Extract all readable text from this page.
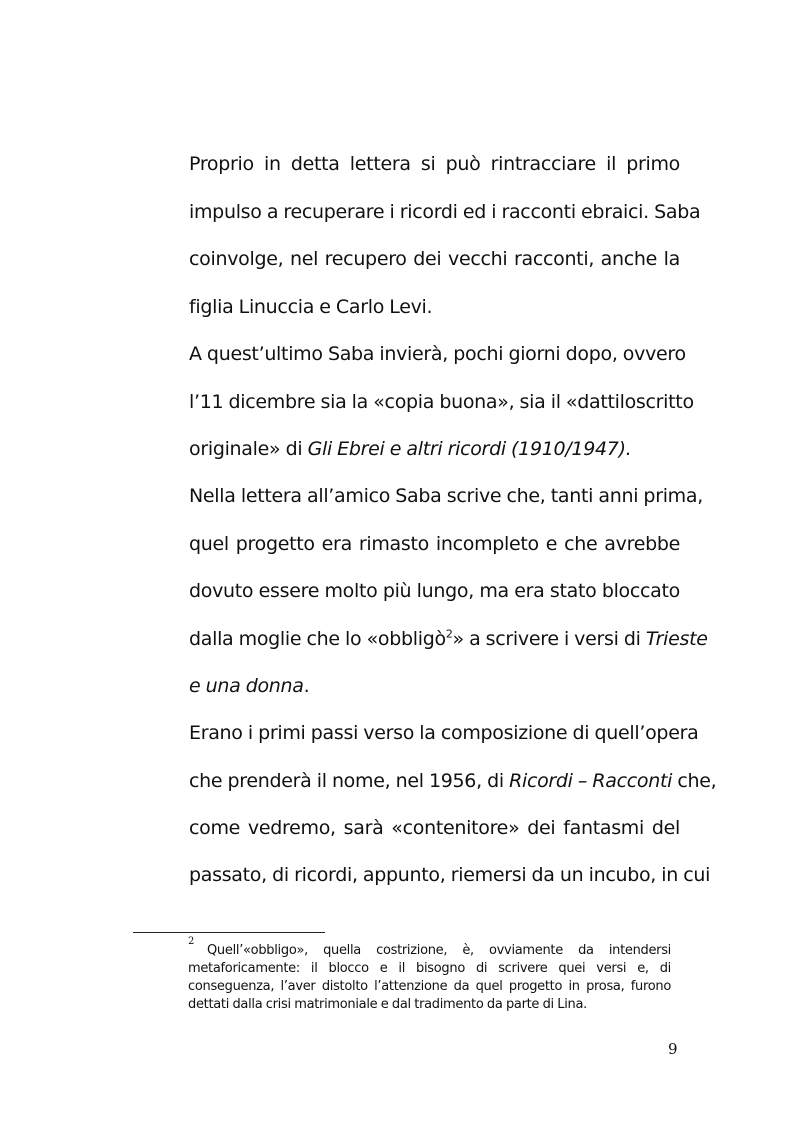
Proprio in detta lettera si può rintracciare il primo
impulso a recuperare i ricordi ed i racconti ebraici. Saba
coinvolge, nel recupero dei vecchi racconti, anche la
figlia Linuccia e Carlo Levi.
A quest’ultimo Saba invierà, pochi giorni dopo, ovvero
l’11 dicembre sia la «copia buona», sia il «dattiloscritto
originale» di Gli Ebrei e altri ricordi (1910/1947).
Nella lettera all’amico Saba scrive che, tanti anni prima,
quel progetto era rimasto incompleto e che avrebbe
dovuto essere molto più lungo, ma era stato bloccato
dalla moglie che lo «obbligò$^2$» a scrivere i versi di Trieste
e una donna.
Erano i primi passi verso la composizione di quell’opera
che prenderà il nome, nel 1956, di Ricordi – Racconti che,
come vedremo, sarà «contenitore» dei fantasmi del
passato, di ricordi, appunto, riemersi da un incubo, in cui
2
Quell’«obbligo», quella costrizione, è, ovviamente da intendersi
metaforicamente: il blocco e il bisogno di scrivere quei versi e, di
conseguenza, l’aver distolto l’attenzione da quel progetto in prosa, furono
dettati dalla crisi matrimoniale e dal tradimento da parte di Lina.
9
